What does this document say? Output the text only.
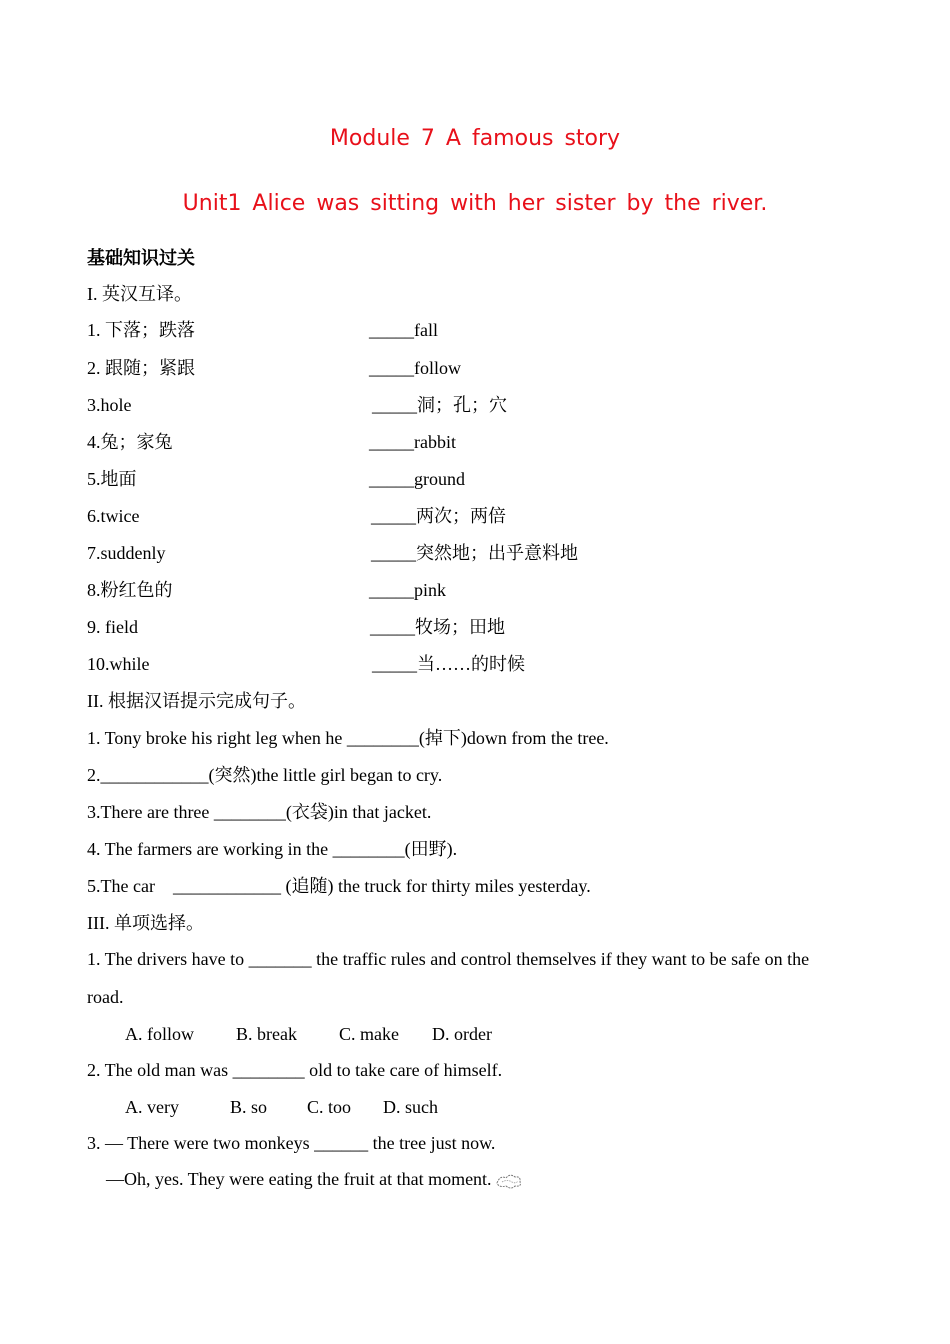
Module 7 A famous story
Unit1 Alice was sitting with her sister by the river.
基础知识过关
I. 英汉互译。
1. 下落；跌落	_____fall
2. 跟随；紧跟	_____follow
3.hole	_____洞；孔；穴
4.兔；家兔	_____rabbit
5.地面	_____ground
6.twice	_____两次；两倍
7.suddenly	_____突然地；出乎意料地
8.粉红色的	_____pink
9. field	_____牧场；田地
10.while	_____当……的时候
II. 根据汉语提示完成句子。
1. Tony broke his right leg when he ________(掉下)down from the tree.
2.____________(突然)the little girl began to cry.
3.There are three ________(衣袋)in that jacket.
4. The farmers are working in the ________(田野).
5.The car    ____________ (追随) the truck for thirty miles yesterday.
III. 单项选择。
1. The drivers have to _______ the traffic rules and control themselves if they want to be safe on the
road.
A. follow B. break C. make D. order
2. The old man was ________ old to take care of himself.
A. very	B. so C. too D. such
3. — There were two monkeys ______ the tree just now.
—Oh, yes. They were eating the fruit at that moment.
